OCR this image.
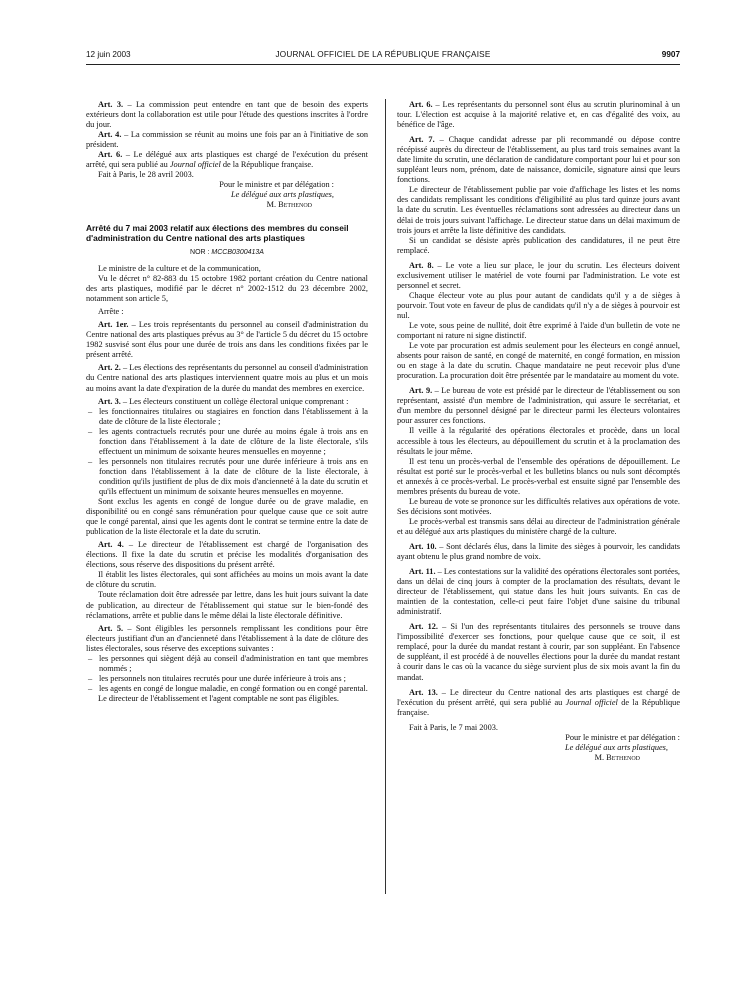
12 juin 2003	JOURNAL OFFICIEL DE LA RÉPUBLIQUE FRANÇAISE	9907

Art. 3. – La commission peut entendre en tant que de besoin des experts extérieurs dont la collaboration est utile pour l'étude des questions inscrites à l'ordre du jour.

Art. 4. – La commission se réunit au moins une fois par an à l'initiative de son président.

Art. 6. – Le délégué aux arts plastiques est chargé de l'exécution du présent arrêté, qui sera publié au Journal officiel de la République française.

Fait à Paris, le 28 avril 2003.

Pour le ministre et par délégation :

Le délégué aux arts plastiques,

M. Bethenod

Arrêté du 7 mai 2003 relatif aux élections des membres du conseil d'administration du Centre national des arts plastiques

NOR : MCCB0300413A

Le ministre de la culture et de la communication,

Vu le décret n° 82-883 du 15 octobre 1982 portant création du Centre national des arts plastiques, modifié par le décret n° 2002-1512 du 23 décembre 2002, notamment son article 5,

Arrête :

Art. 1er. – Les trois représentants du personnel au conseil d'administration du Centre national des arts plastiques prévus au 3° de l'article 5 du décret du 15 octobre 1982 susvisé sont élus pour une durée de trois ans dans les conditions fixées par le présent arrêté.

Art. 2. – Les élections des représentants du personnel au conseil d'administration du Centre national des arts plastiques interviennent quatre mois au plus et un mois au moins avant la date d'expiration de la durée du mandat des membres en exercice.

Art. 3. – Les électeurs constituent un collège électoral unique comprenant :

– les fonctionnaires titulaires ou stagiaires en fonction dans l'établissement à la date de clôture de la liste électorale ;
– les agents contractuels recrutés pour une durée au moins égale à trois ans en fonction dans l'établissement à la date de clôture de la liste électorale, s'ils effectuent un minimum de soixante heures mensuelles en moyenne ;
– les personnels non titulaires recrutés pour une durée inférieure à trois ans en fonction dans l'établissement à la date de clôture de la liste électorale, à condition qu'ils justifient de plus de dix mois d'ancienneté à la date du scrutin et qu'ils effectuent un minimum de soixante heures mensuelles en moyenne.

Sont exclus les agents en congé de longue durée ou de grave maladie, en disponibilité ou en congé sans rémunération pour quelque cause que ce soit autre que le congé parental, ainsi que les agents dont le contrat se termine entre la date de publication de la liste électorale et la date du scrutin.

Art. 4. – Le directeur de l'établissement est chargé de l'organisation des élections. Il fixe la date du scrutin et précise les modalités d'organisation des élections, sous réserve des dispositions du présent arrêté.

Il établit les listes électorales, qui sont affichées au moins un mois avant la date de clôture du scrutin.

Toute réclamation doit être adressée par lettre, dans les huit jours suivant la date de publication, au directeur de l'établissement qui statue sur le bien-fondé des réclamations, arrête et publie dans le même délai la liste électorale définitive.

Art. 5. – Sont éligibles les personnels remplissant les conditions pour être électeurs justifiant d'un an d'ancienneté dans l'établissement à la date de clôture des listes électorales, sous réserve des exceptions suivantes :

– les personnes qui siègent déjà au conseil d'administration en tant que membres nommés ;
– les personnels non titulaires recrutés pour une durée inférieure à trois ans ;
– les agents en congé de longue maladie, en congé formation ou en congé parental.

Le directeur de l'établissement et l'agent comptable ne sont pas éligibles.

Art. 6. – Les représentants du personnel sont élus au scrutin plurinominal à un tour. L'élection est acquise à la majorité relative et, en cas d'égalité des voix, au bénéfice de l'âge.

Art. 7. – Chaque candidat adresse par pli recommandé ou dépose contre récépissé auprès du directeur de l'établissement, au plus tard trois semaines avant la date limite du scrutin, une déclaration de candidature comportant pour lui et pour son suppléant leurs nom, prénom, date de naissance, domicile, signature ainsi que leurs fonctions.

Le directeur de l'établissement publie par voie d'affichage les listes et les noms des candidats remplissant les conditions d'éligibilité au plus tard quinze jours avant la date du scrutin. Les éventuelles réclamations sont adressées au directeur dans un délai de trois jours suivant l'affichage. Le directeur statue dans un délai maximum de trois jours et arrête la liste définitive des candidats.

Si un candidat se désiste après publication des candidatures, il ne peut être remplacé.

Art. 8. – Le vote a lieu sur place, le jour du scrutin. Les électeurs doivent exclusivement utiliser le matériel de vote fourni par l'administration. Le vote est personnel et secret.

Chaque électeur vote au plus pour autant de candidats qu'il y a de sièges à pourvoir. Tout vote en faveur de plus de candidats qu'il n'y a de sièges à pourvoir est nul.

Le vote, sous peine de nullité, doit être exprimé à l'aide d'un bulletin de vote ne comportant ni rature ni signe distinctif.

Le vote par procuration est admis seulement pour les électeurs en congé annuel, absents pour raison de santé, en congé de maternité, en congé formation, en mission ou en stage à la date du scrutin. Chaque mandataire ne peut recevoir plus d'une procuration. La procuration doit être présentée par le mandataire au moment du vote.

Art. 9. – Le bureau de vote est présidé par le directeur de l'établissement ou son représentant, assisté d'un membre de l'administration, qui assure le secrétariat, et d'un membre du personnel désigné par le directeur parmi les électeurs volontaires pour assurer ces fonctions.

Il veille à la régularité des opérations électorales et procède, dans un local accessible à tous les électeurs, au dépouillement du scrutin et à la proclamation des résultats le jour même.

Il est tenu un procès-verbal de l'ensemble des opérations de dépouillement. Le résultat est porté sur le procès-verbal et les bulletins blancs ou nuls sont décomptés et annexés à ce procès-verbal. Le procès-verbal est ensuite signé par l'ensemble des membres présents du bureau de vote.

Le bureau de vote se prononce sur les difficultés relatives aux opérations de vote. Ses décisions sont motivées.

Le procès-verbal est transmis sans délai au directeur de l'administration générale et au délégué aux arts plastiques du ministère chargé de la culture.

Art. 10. – Sont déclarés élus, dans la limite des sièges à pourvoir, les candidats ayant obtenu le plus grand nombre de voix.

Art. 11. – Les contestations sur la validité des opérations électorales sont portées, dans un délai de cinq jours à compter de la proclamation des résultats, devant le directeur de l'établissement, qui statue dans les huit jours suivants. En cas de maintien de la contestation, celle-ci peut faire l'objet d'une saisine du tribunal administratif.

Art. 12. – Si l'un des représentants titulaires des personnels se trouve dans l'impossibilité d'exercer ses fonctions, pour quelque cause que ce soit, il est remplacé, pour la durée du mandat restant à courir, par son suppléant. En l'absence de suppléant, il est procédé à de nouvelles élections pour la durée du mandat restant à courir dans le cas où la vacance du siège survient plus de six mois avant la fin du mandat.

Art. 13. – Le directeur du Centre national des arts plastiques est chargé de l'exécution du présent arrêté, qui sera publié au Journal officiel de la République française.

Fait à Paris, le 7 mai 2003.

Pour le ministre et par délégation :

Le délégué aux arts plastiques,

M. Bethenod
